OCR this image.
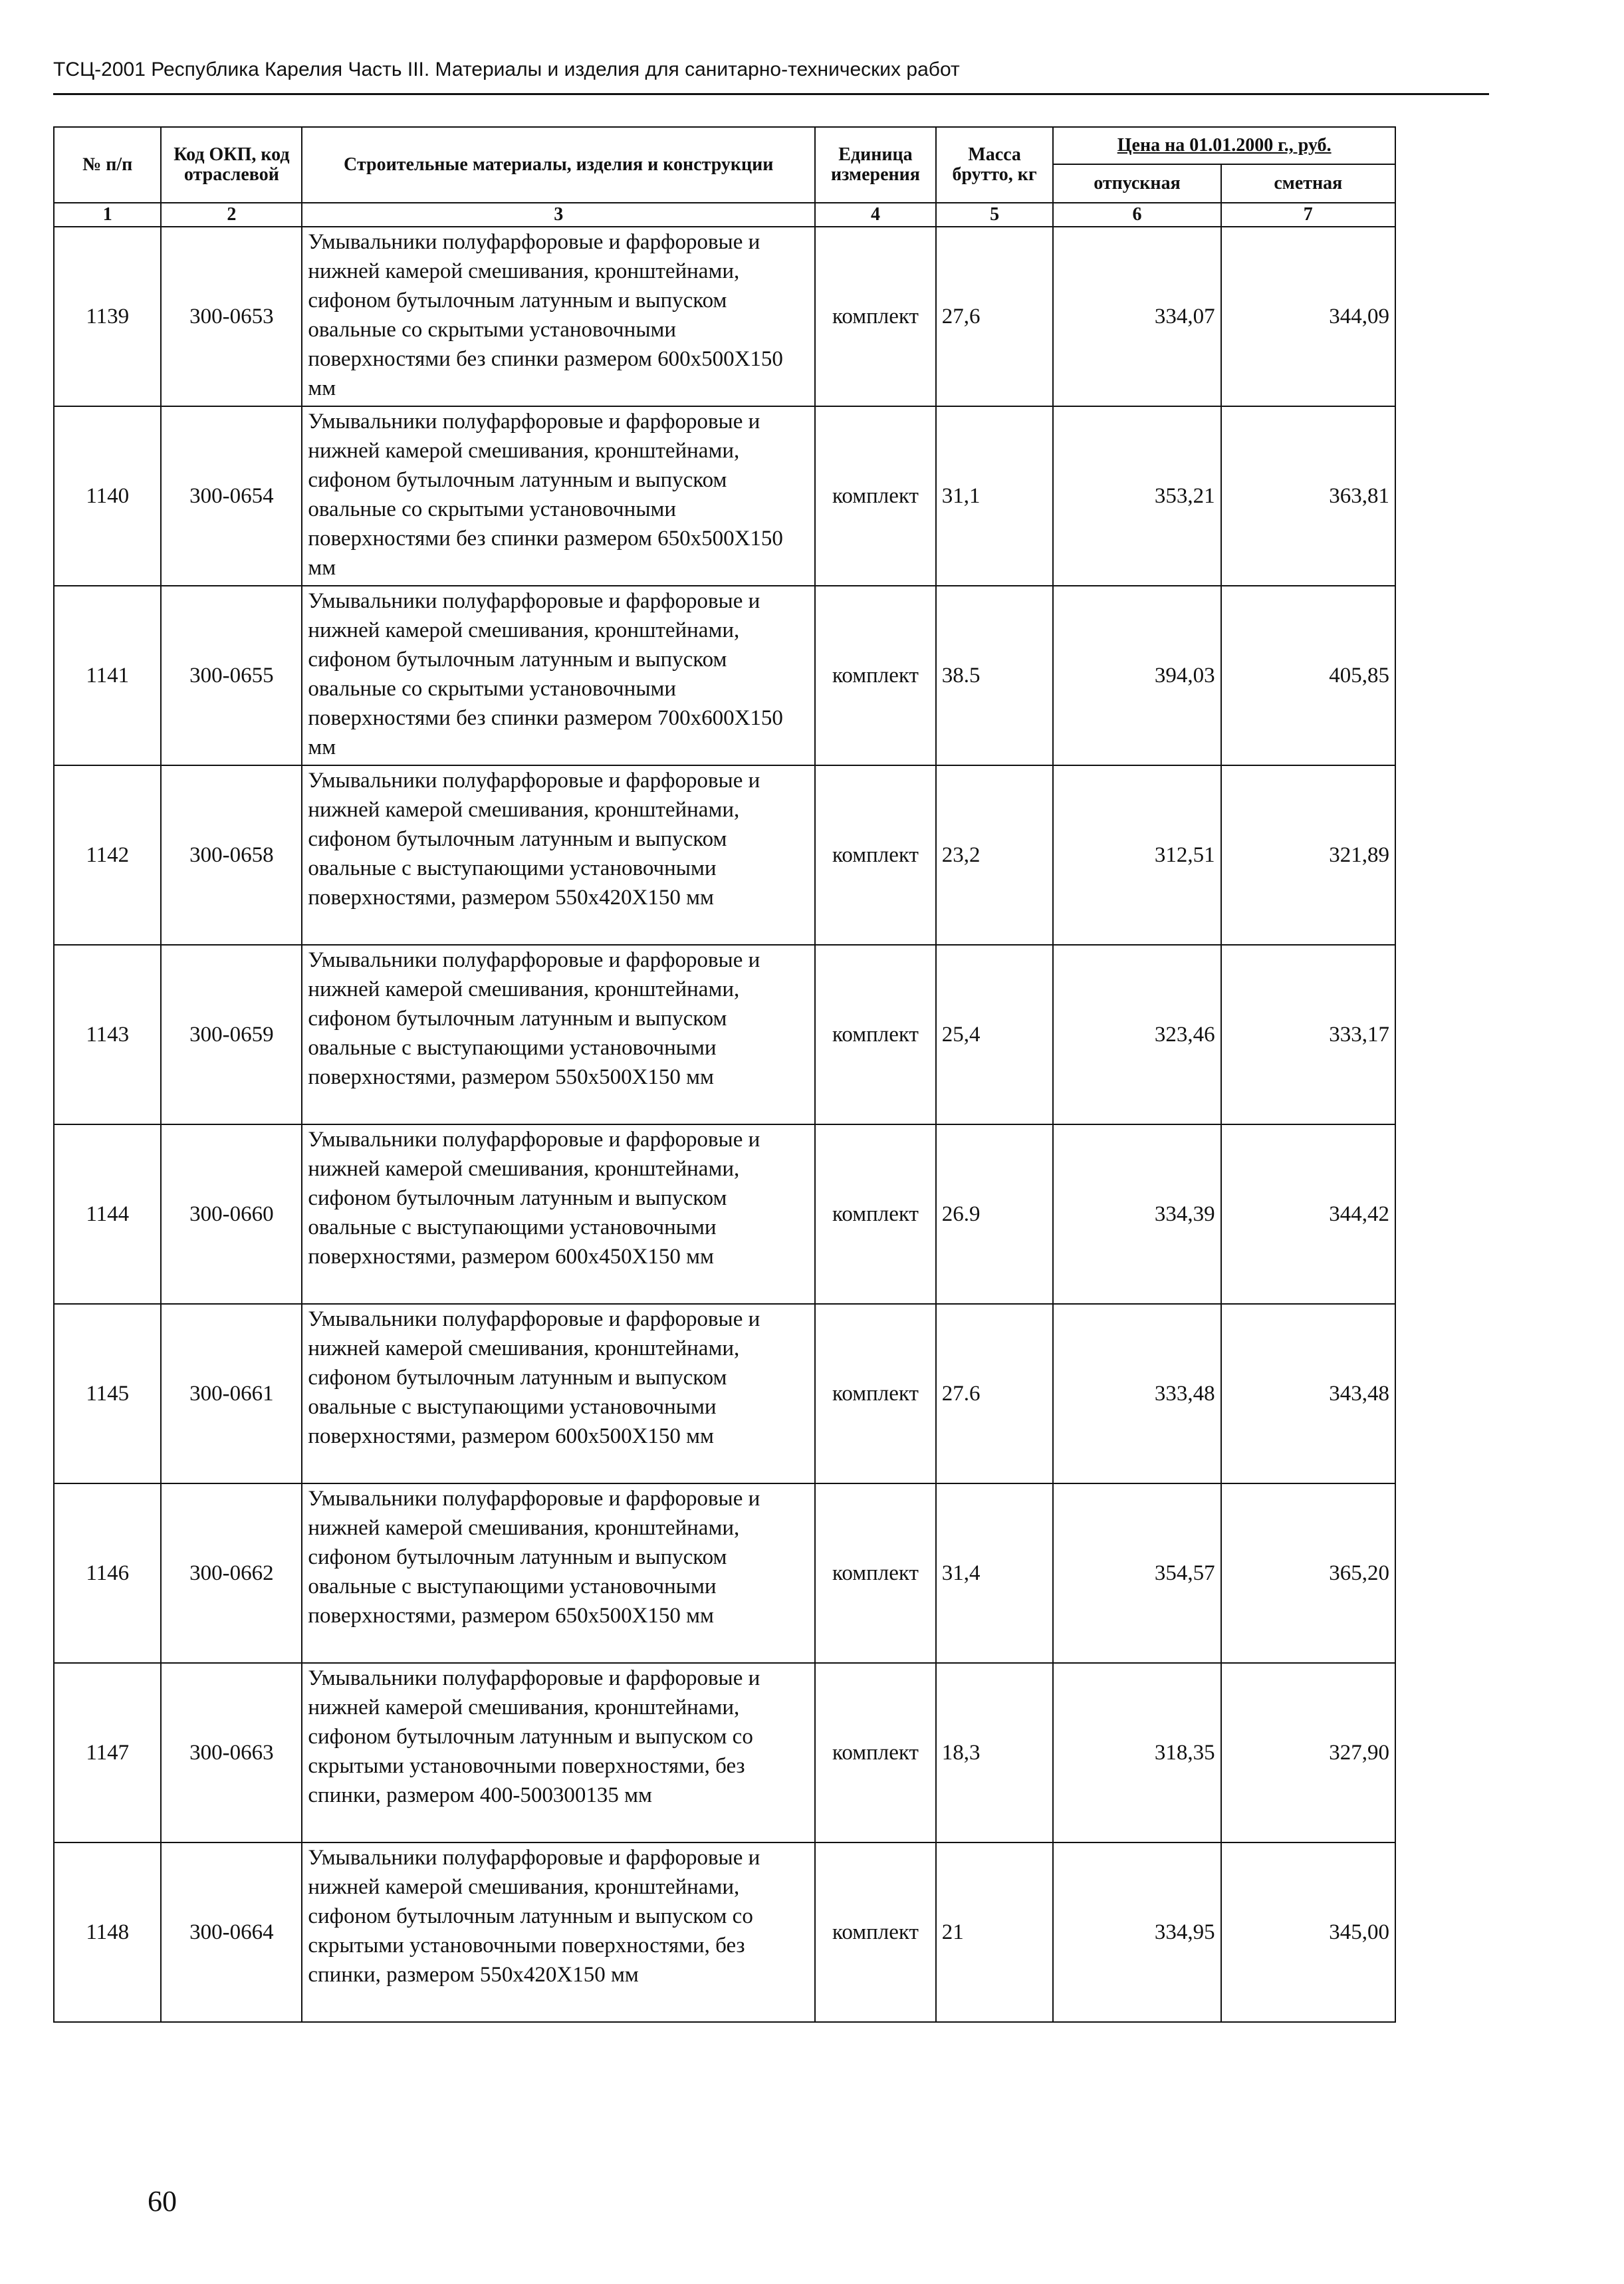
ТСЦ-2001 Республика Карелия Часть III. Материалы и изделия для санитарно-технических работ
№ п/п	Код ОКП, код отраслевой	Строительные материалы, изделия и конструкции	Единица измерения	Масса брутто, кг	Цена на 01.01.2000 г., руб.	
					отпускная	сметная
1	2	3	4	5	6	7
1139	300-0653	Умывальники полуфарфоровые и фарфоровые и нижней камерой смешивания, кронштейнами, сифоном бутылочным латунным и выпуском овальные со скрытыми установочными поверхностями без спинки размером 600х500Х150 мм	комплект	27,6	334,07	344,09
1140	300-0654	Умывальники полуфарфоровые и фарфоровые и нижней камерой смешивания, кронштейнами, сифоном бутылочным латунным и выпуском овальные со скрытыми установочными поверхностями без спинки размером 650х500Х150 мм	комплект	31,1	353,21	363,81
1141	300-0655	Умывальники полуфарфоровые и фарфоровые и нижней камерой смешивания, кронштейнами, сифоном бутылочным латунным и выпуском овальные со скрытыми установочными поверхностями без спинки размером 700х600Х150 мм	комплект	38.5	394,03	405,85
1142	300-0658	Умывальники полуфарфоровые и фарфоровые и нижней камерой смешивания, кронштейнами, сифоном бутылочным латунным и выпуском овальные с выступающими установочными поверхностями, размером 550х420Х150 мм	комплект	23,2	312,51	321,89
1143	300-0659	Умывальники полуфарфоровые и фарфоровые и нижней камерой смешивания, кронштейнами, сифоном бутылочным латунным и выпуском овальные с выступающими установочными поверхностями, размером 550х500Х150 мм	комплект	25,4	323,46	333,17
1144	300-0660	Умывальники полуфарфоровые и фарфоровые и нижней камерой смешивания, кронштейнами, сифоном бутылочным латунным и выпуском овальные с выступающими установочными поверхностями, размером 600х450Х150 мм	комплект	26.9	334,39	344,42
1145	300-0661	Умывальники полуфарфоровые и фарфоровые и нижней камерой смешивания, кронштейнами, сифоном бутылочным латунным и выпуском овальные с выступающими установочными поверхностями, размером 600х500Х150 мм	комплект	27.6	333,48	343,48
1146	300-0662	Умывальники полуфарфоровые и фарфоровые и нижней камерой смешивания, кронштейнами, сифоном бутылочным латунным и выпуском овальные с выступающими установочными поверхностями, размером 650х500Х150 мм	комплект	31,4	354,57	365,20
1147	300-0663	Умывальники полуфарфоровые и фарфоровые и нижней камерой смешивания, кронштейнами, сифоном бутылочным латунным и выпуском со скрытыми установочными поверхностями, без спинки, размером 400-500300135 мм	комплект	18,3	318,35	327,90
1148	300-0664	Умывальники полуфарфоровые и фарфоровые и нижней камерой смешивания, кронштейнами, сифоном бутылочным латунным и выпуском со скрытыми установочными поверхностями, без спинки, размером 550х420Х150 мм	комплект	21	334,95	345,00
60
